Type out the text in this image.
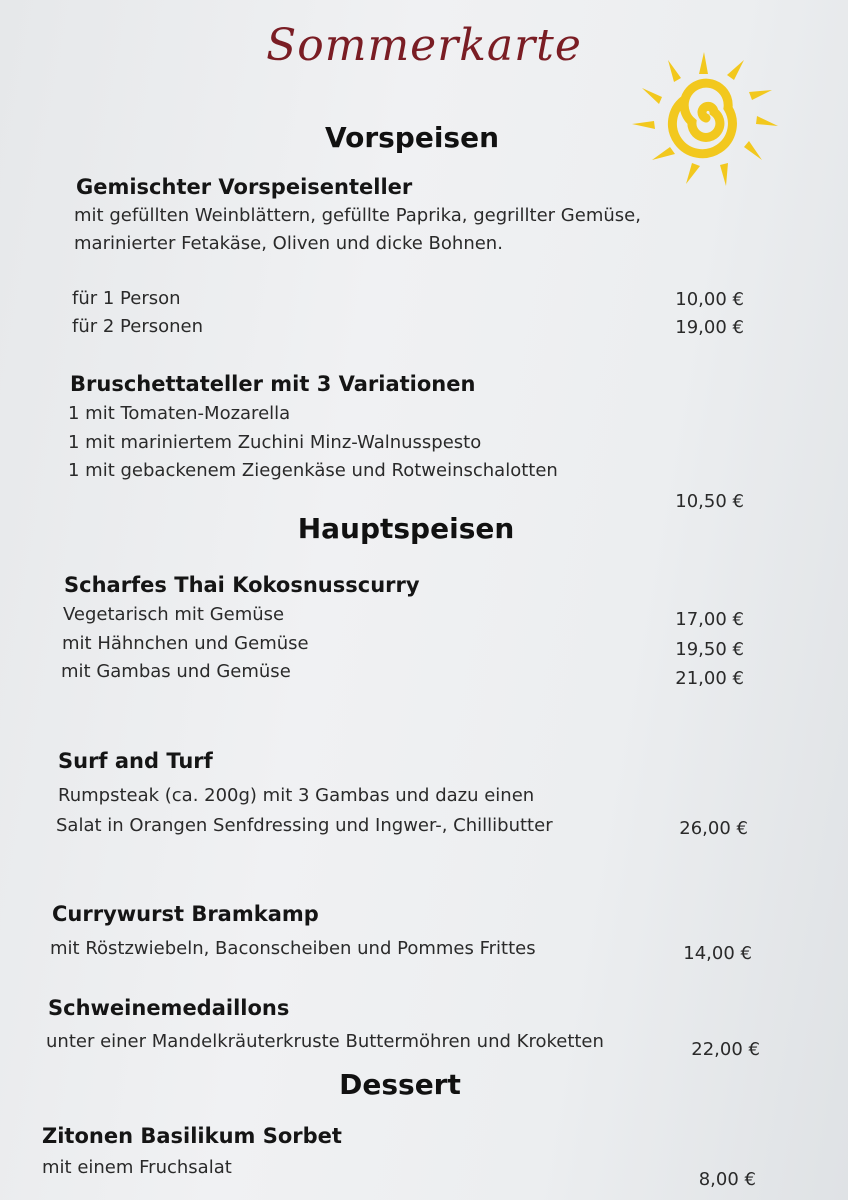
Sommerkarte
Vorspeisen
Gemischter Vorspeisenteller
mit gefüllten Weinblättern, gefüllte Paprika, gegrillter Gemüse,
marinierter Fetakäse, Oliven und dicke Bohnen.
für 1 Person	10,00 €
für 2 Personen	19,00 €
Bruschettateller mit 3 Variationen
1 mit Tomaten-Mozarella
1 mit mariniertem Zuchini Minz-Walnusspesto
1 mit gebackenem Ziegenkäse und Rotweinschalotten
10,50 €
Hauptspeisen
Scharfes Thai Kokosnusscurry
Vegetarisch mit Gemüse	17,00 €
mit Hähnchen und Gemüse	19,50 €
mit Gambas und Gemüse	21,00 €
Surf and Turf
Rumpsteak (ca. 200g) mit 3 Gambas und dazu einen
Salat in Orangen Senfdressing und Ingwer-, Chillibutter	26,00 €
Currywurst Bramkamp
mit Röstzwiebeln, Baconscheiben und Pommes Frittes	14,00 €
Schweinemedaillons
unter einer Mandelkräuterkruste Buttermöhren und Kroketten	22,00 €
Dessert
Zitonen Basilikum Sorbet
mit einem Fruchsalat
8,00 €
